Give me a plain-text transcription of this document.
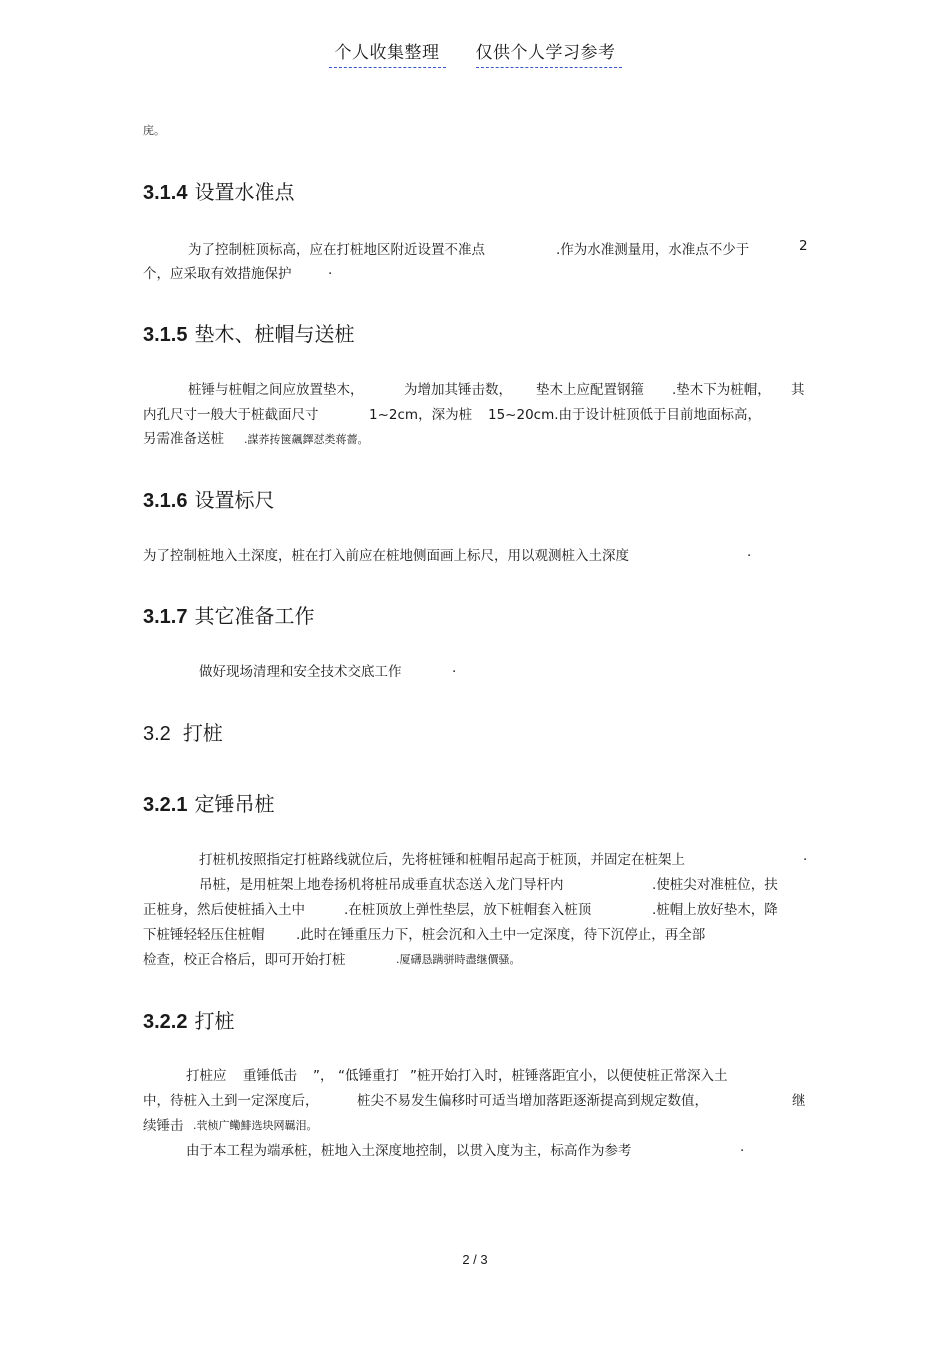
个人收集整理 仅供个人学习参考
庑。
3.1.4 设置水准点
为了控制桩顶标高，应在打桩地区附近设置不准点	.作为水准测量用，水准点不少于	2
个，应采取有效措施保护	.
3.1.5 垫木、桩帽与送桩
桩锤与桩帽之间应放置垫木，	为增加其锤击数， 垫木上应配置钢箍 .垫木下为桩帽， 其
内孔尺寸一般大于桩截面尺寸	1~2cm，深为桩 15~20cm.由于设计桩顶低于目前地面标高，
另需准备送桩 .謀荞抟箧飆鐸怼类蒋薔。
3.1.6 设置标尺
为了控制桩地入土深度，桩在打入前应在桩地侧面画上标尺，用以观测桩入土深度	.
3.1.7 其它准备工作
做好现场清理和安全技术交底工作	.
3.2 打桩
3.2.1 定锤吊桩
打桩机按照指定打桩路线就位后，先将桩锤和桩帽吊起高于桩顶，并固定在桩架上	.
吊桩，是用桩架上地卷扬机将桩吊成垂直状态送入龙门导杆内	.使桩尖对准桩位，扶
正桩身，然后使桩插入土中	.在桩顶放上弹性垫层，放下桩帽套入桩顶	.桩帽上放好垫木，降
下桩锤轻轻压住桩帽 .此时在锤重压力下，桩会沉和入土中一定深度，待下沉停止，再全部
检查，校正合格后，即可开始打桩	.厦礴恳蹒骈時盡继價骚。
3.2.2 打桩
打桩应 重锤低击 ”， “低锤重打 ”桩开始打入时，桩锤落距宜小，以便使桩正常深入土
中，待桩入土到一定深度后，	桩尖不易发生偏移时可适当增加落距逐渐提高到规定数值，	继
续锤击 .茕桢广鳓鯡选块网羈泪。
由于本工程为端承桩，桩地入土深度地控制，以贯入度为主，标高作为参考	.
2 / 3
